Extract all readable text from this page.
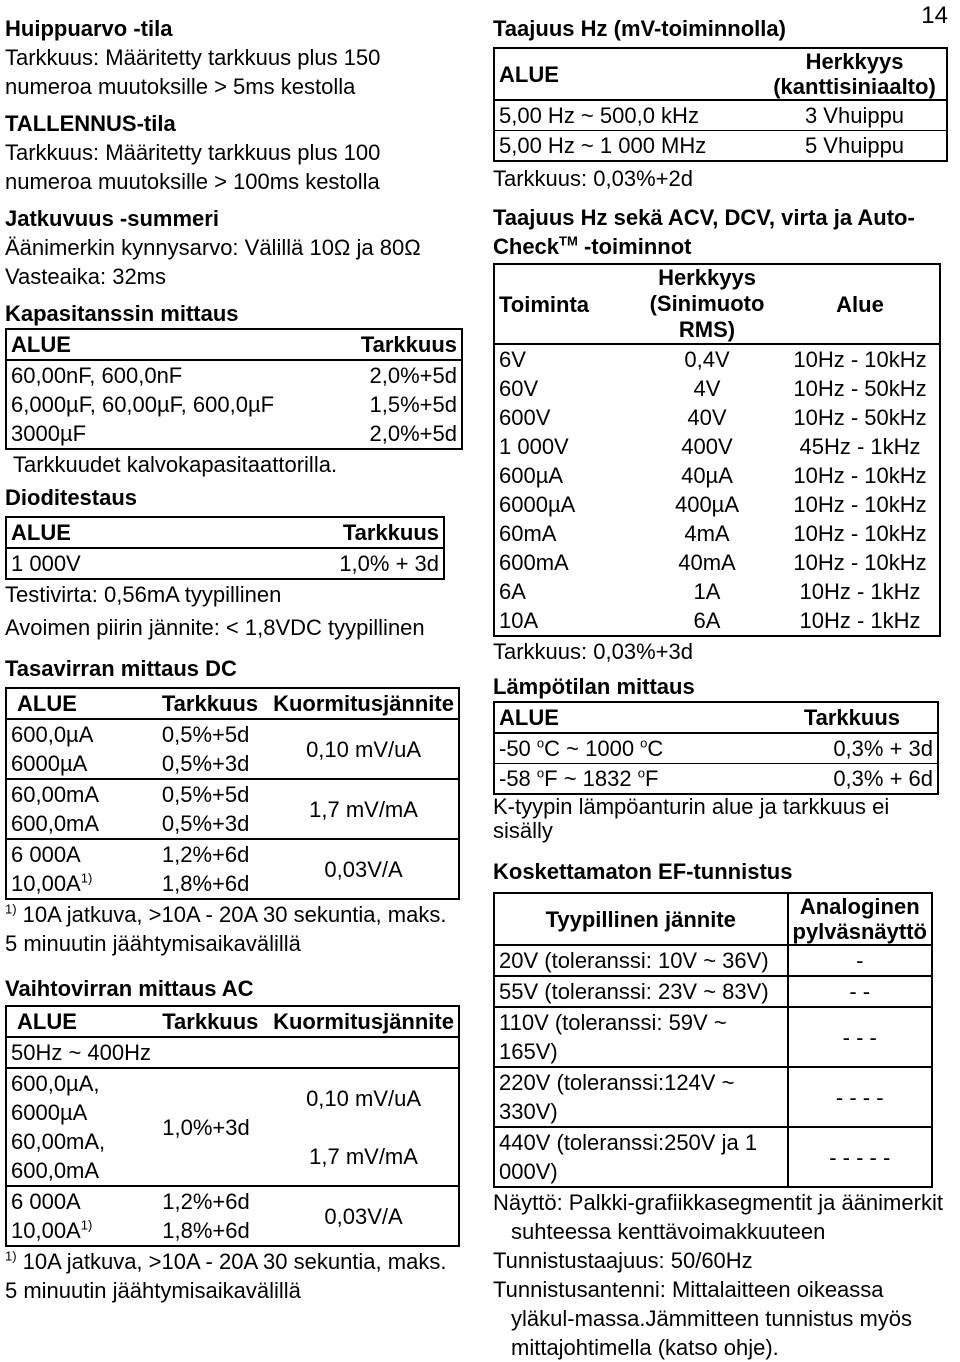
14
Huippuarvo -tila
Tarkkuus: Määritetty tarkkuus plus 150
numeroa muutoksille > 5ms kestolla
TALLENNUS-tila
Tarkkuus: Määritetty tarkkuus plus 100
numeroa muutoksille > 100ms kestolla
Jatkuvuus -summeri
Äänimerkin kynnysarvo: Välillä 10Ω ja 80Ω
Vasteaika: 32ms
Kapasitanssin mittaus
ALUE	Tarkkuus
60,00nF, 600,0nF	2,0%+5d
6,000µF, 60,00µF, 600,0µF	1,5%+5d
3000µF	2,0%+5d
Tarkkuudet kalvokapasitaattorilla.
Dioditestaus
ALUE	Tarkkuus
1 000V	1,0% + 3d
Testivirta: 0,56mA tyypillinen
Avoimen piirin jännite: < 1,8VDC tyypillinen
Tasavirran mittaus DC
ALUE	Tarkkuus	Kuormitusjännite
600,0µA	0,5%+5d	0,10 mV/uA
6000µA	0,5%+3d	
60,00mA	0,5%+5d	1,7 mV/mA
600,0mA	0,5%+3d	
6 000A	1,2%+6d	0,03V/A
$10,00A^{1)}$	1,8%+6d	
$^{1)}$ 10A jatkuva, >10A - 20A 30 sekuntia, maks.
5 minuutin jäähtymisaikavälillä
Vaihtovirran mittaus AC
ALUE	Tarkkuus	Kuormitusjännite
50Hz ~ 400Hz		
600,0µA, 6000µA	1,0%+3d	0,10 mV/uA
60,00mA, 600,0mA		1,7 mV/mA
6 000A	1,2%+6d	0,03V/A
$10,00A^{1)}$	1,8%+6d	
$^{1)}$ 10A jatkuva, >10A - 20A 30 sekuntia, maks.
5 minuutin jäähtymisaikavälillä
Taajuus Hz (mV-toiminnolla)
ALUE	Herkkyys (kanttisiniaalto)
5,00 Hz ~ 500,0 kHz	3 Vhuippu
5,00 Hz ~ 1 000 MHz	5 Vhuippu
Tarkkuus: 0,03%+2d
Taajuus Hz sekä ACV, DCV, virta ja Auto-
Check™ -toiminnot
Toiminta	Herkkyys (Sinimuoto RMS)	Alue
6V	0,4V	10Hz - 10kHz
60V	4V	10Hz - 50kHz
600V	40V	10Hz - 50kHz
1 000V	400V	45Hz - 1kHz
600µA	40µA	10Hz - 10kHz
6000µA	400µA	10Hz - 10kHz
60mA	4mA	10Hz - 10kHz
600mA	40mA	10Hz - 10kHz
6A	1A	10Hz - 1kHz
10A	6A	10Hz - 1kHz
Tarkkuus: 0,03%+3d
Lämpötilan mittaus
ALUE	Tarkkuus
-50 $^o$C ~ 1000 $^o$C	0,3% + 3d
-58 $^o$F ~ 1832 $^o$F	0,3% + 6d
K-tyypin lämpöanturin alue ja tarkkuus ei sisälly
Koskettamaton EF-tunnistus
Tyypillinen jännite	Analoginen pylväsnäyttö
20V (toleranssi: 10V ~ 36V)	-
55V (toleranssi: 23V ~ 83V)	- -
110V (toleranssi: 59V ~ 165V)	- - -
220V (toleranssi:124V ~ 330V)	- - - -
440V (toleranssi:250V ja 1 000V)	- - - - -
Näyttö: Palkki-grafiikkasegmentit ja äänimerkit
suhteessa kenttävoimakkuuteen
Tunnistustaajuus: 50/60Hz
Tunnistusantenni: Mittalaitteen oikeassa
yläkul-massa.Jämmitteen tunnistus myös
mittajohtimella (katso ohje).
